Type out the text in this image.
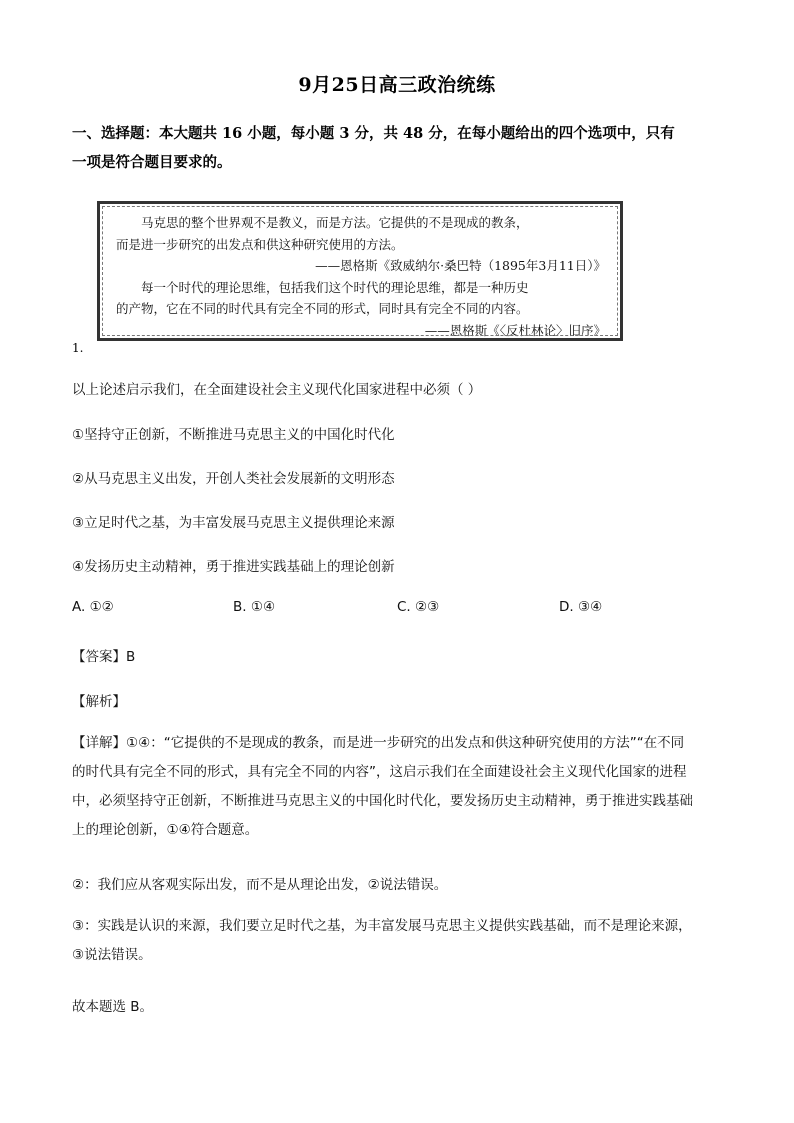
9月25日高三政治统练
一、选择题：本大题共 16 小题，每小题 3 分，共 48 分，在每小题给出的四个选项中，只有
一项是符合题目要求的。

马克思的整个世界观不是教义，而是方法。它提供的不是现成的教条，

而是进一步研究的出发点和供这种研究使用的方法。

——恩格斯《致威纳尔·桑巴特（1895年3月11日）》

每一个时代的理论思维，包括我们这个时代的理论思维，都是一种历史

的产物，它在不同的时代具有完全不同的形式，同时具有完全不同的内容。

——恩格斯《〈反杜林论〉旧序》

1.
以上论述启示我们，在全面建设社会主义现代化国家进程中必须（ ）
①坚持守正创新，不断推进马克思主义的中国化时代化
②从马克思主义出发，开创人类社会发展新的文明形态
③立足时代之基，为丰富发展马克思主义提供理论来源
④发扬历史主动精神，勇于推进实践基础上的理论创新
A. ①②	B. ①④	C. ②③	D. ③④
【答案】B
【解析】
【详解】①④：“它提供的不是现成的教条，而是进一步研究的出发点和供这种研究使用的方法”“在不同
的时代具有完全不同的形式，具有完全不同的内容”，这启示我们在全面建设社会主义现代化国家的进程
中，必须坚持守正创新，不断推进马克思主义的中国化时代化，要发扬历史主动精神，勇于推进实践基础
上的理论创新，①④符合题意。
②：我们应从客观实际出发，而不是从理论出发，②说法错误。
③：实践是认识的来源，我们要立足时代之基，为丰富发展马克思主义提供实践基础，而不是理论来源，
③说法错误。
故本题选 B。
